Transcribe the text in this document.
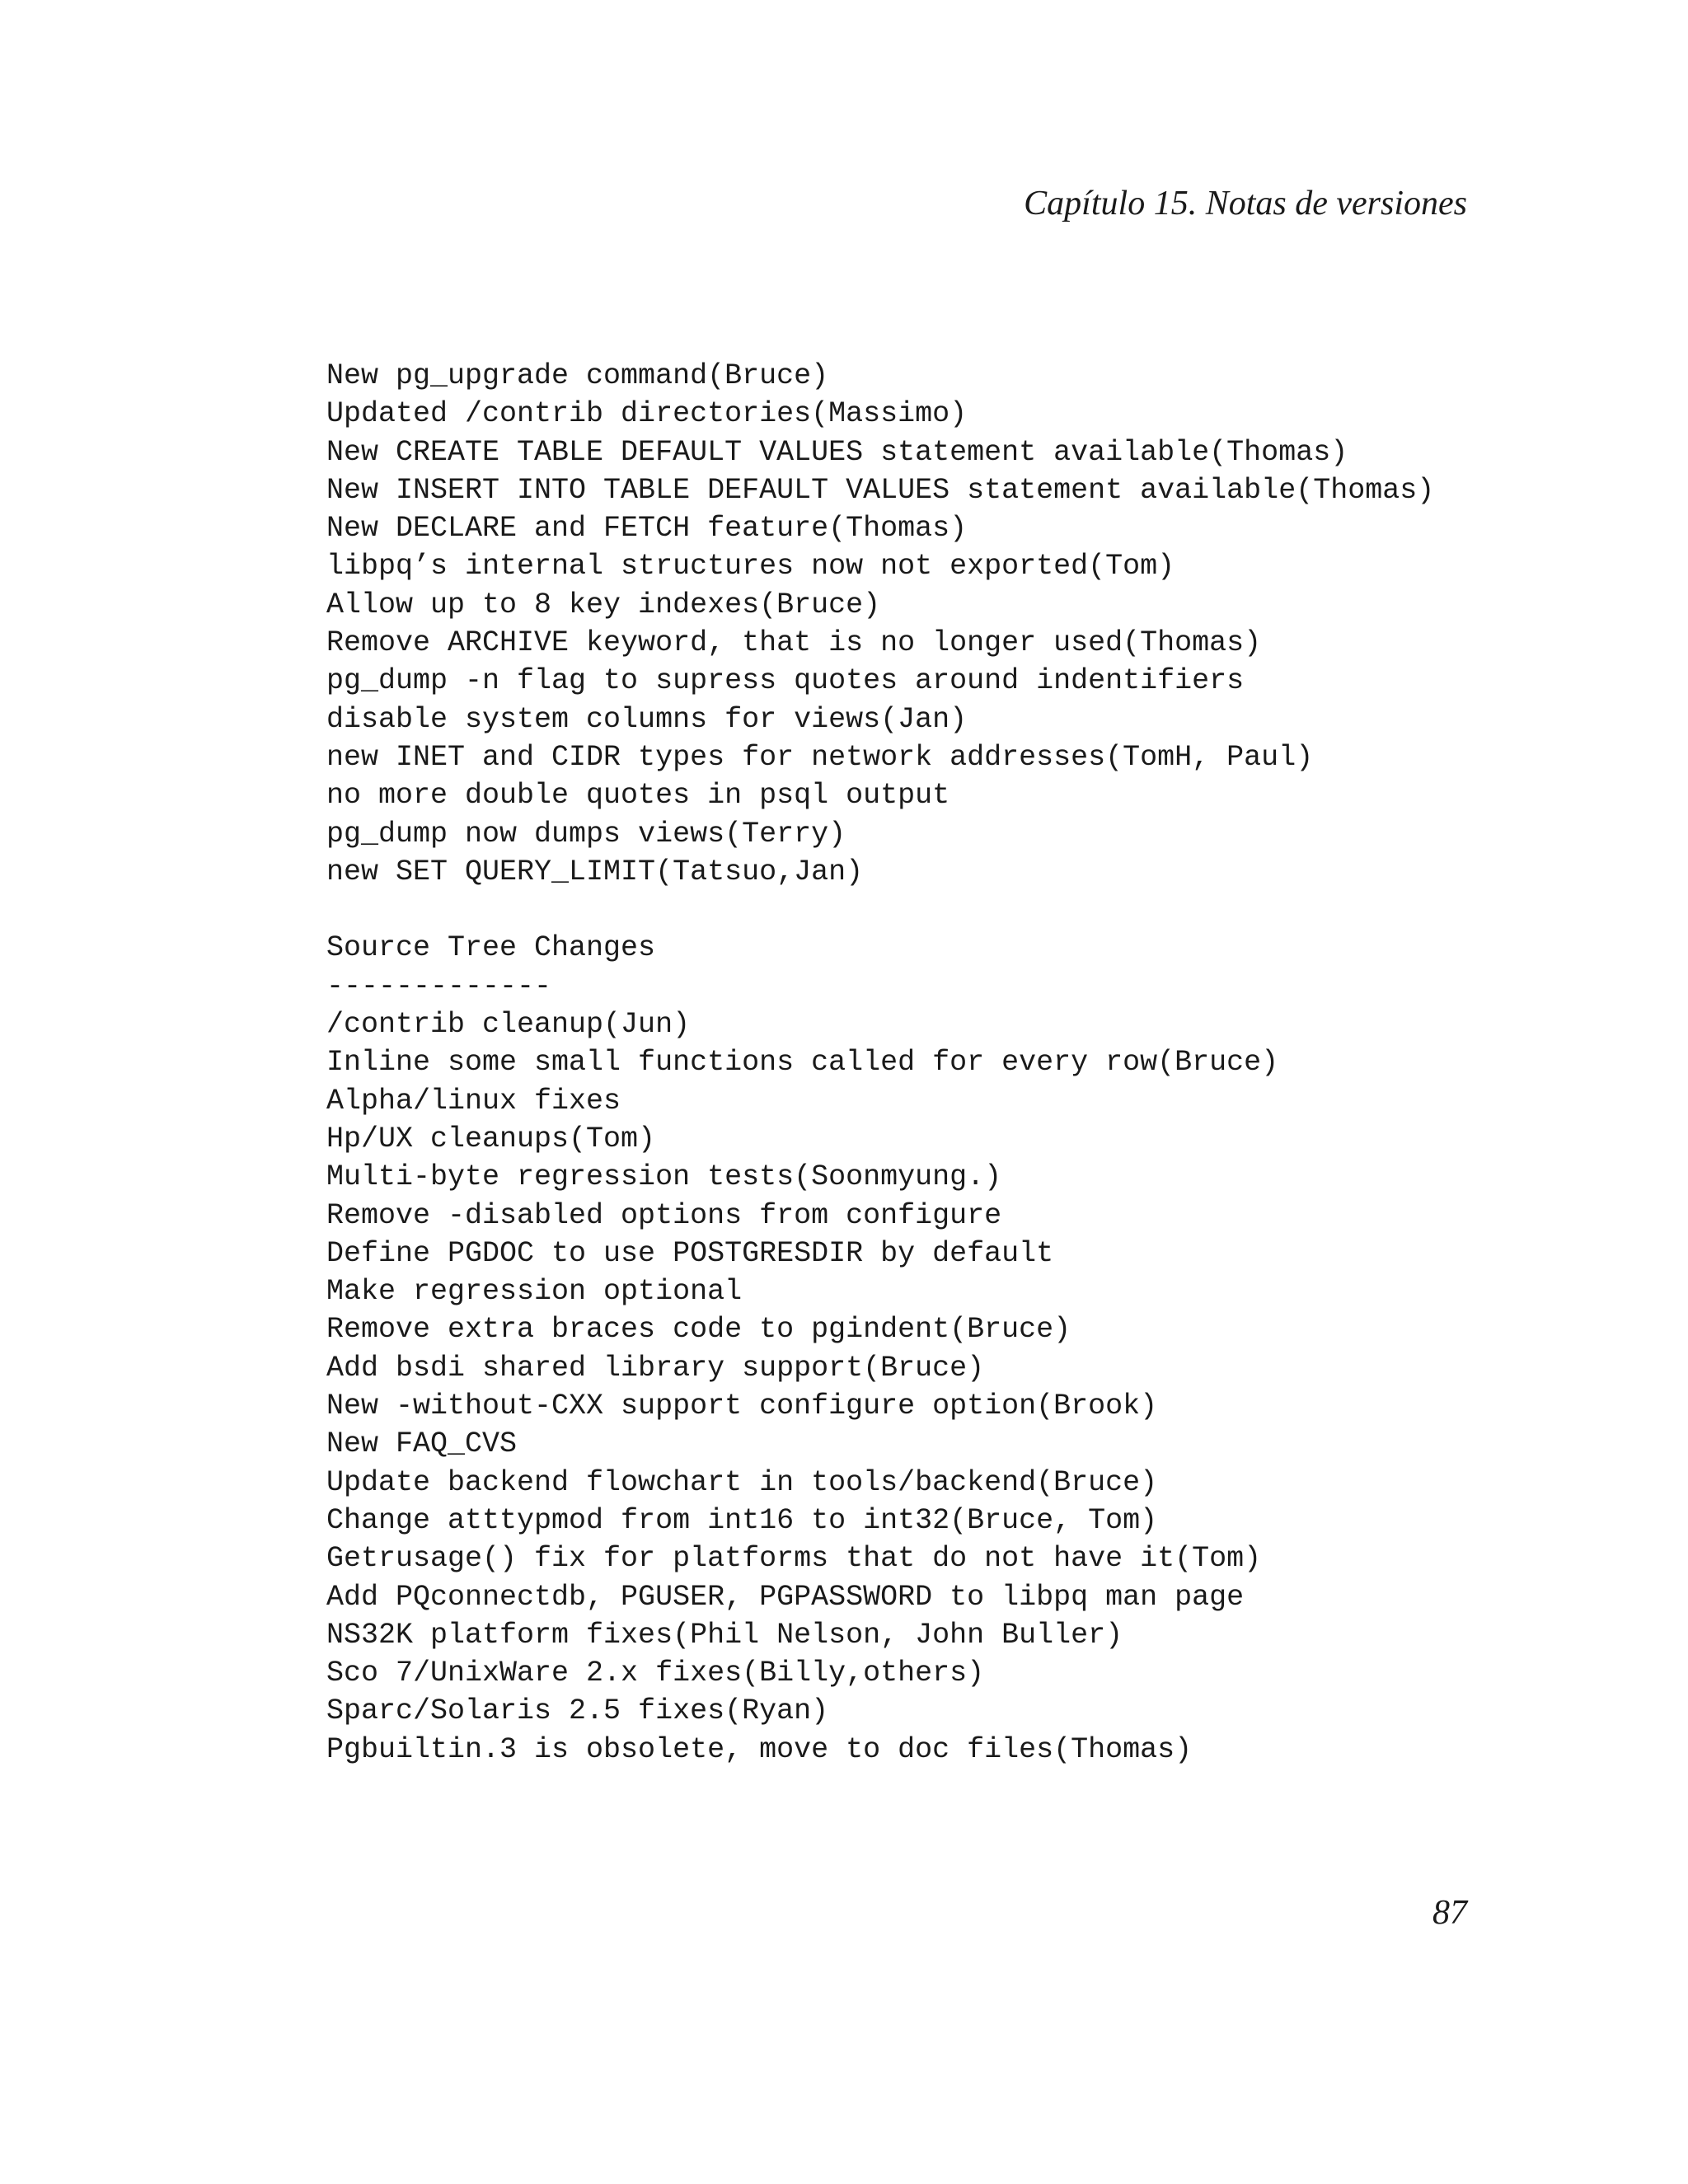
Capítulo 15. Notas de versiones
New pg_upgrade command(Bruce)
Updated /contrib directories(Massimo)
New CREATE TABLE DEFAULT VALUES statement available(Thomas)
New INSERT INTO TABLE DEFAULT VALUES statement available(Thomas)
New DECLARE and FETCH feature(Thomas)
libpq’s internal structures now not exported(Tom)
Allow up to 8 key indexes(Bruce)
Remove ARCHIVE keyword, that is no longer used(Thomas)
pg_dump -n flag to supress quotes around indentifiers
disable system columns for views(Jan)
new INET and CIDR types for network addresses(TomH, Paul)
no more double quotes in psql output
pg_dump now dumps views(Terry)
new SET QUERY_LIMIT(Tatsuo,Jan)
Source Tree Changes
-------------
/contrib cleanup(Jun)
Inline some small functions called for every row(Bruce)
Alpha/linux fixes
Hp/UX cleanups(Tom)
Multi-byte regression tests(Soonmyung.)
Remove -disabled options from configure
Define PGDOC to use POSTGRESDIR by default
Make regression optional
Remove extra braces code to pgindent(Bruce)
Add bsdi shared library support(Bruce)
New -without-CXX support configure option(Brook)
New FAQ_CVS
Update backend flowchart in tools/backend(Bruce)
Change atttypmod from int16 to int32(Bruce, Tom)
Getrusage() fix for platforms that do not have it(Tom)
Add PQconnectdb, PGUSER, PGPASSWORD to libpq man page
NS32K platform fixes(Phil Nelson, John Buller)
Sco 7/UnixWare 2.x fixes(Billy,others)
Sparc/Solaris 2.5 fixes(Ryan)
Pgbuiltin.3 is obsolete, move to doc files(Thomas)
87
